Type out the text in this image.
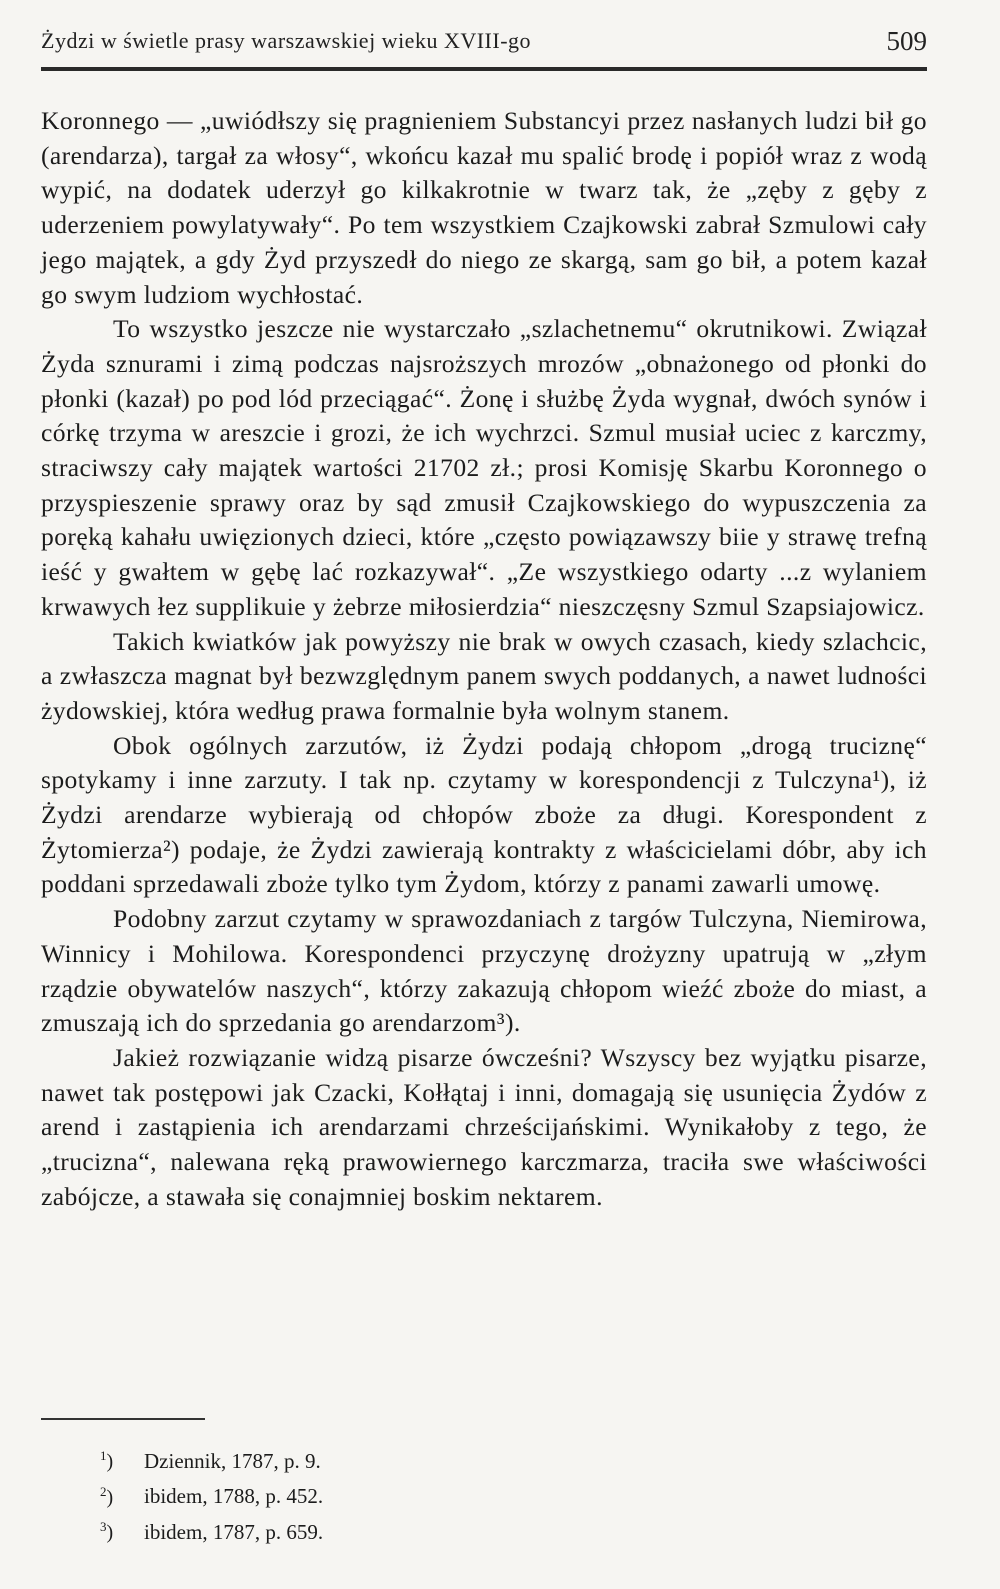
Żydzi w świetle prasy warszawskiej wieku XVIII-go	509

Koronnego — „uwiódłszy się pragnieniem Substancyi przez nasłanych ludzi bił go (arendarza), targał za włosy“, wkońcu kazał mu spalić brodę i popiół wraz z wodą wypić, na dodatek uderzył go kilkakrotnie w twarz tak, że „zęby z gęby z uderzeniem powylatywały“. Po tem wszystkiem Czajkowski zabrał Szmulowi cały jego majątek, a gdy Żyd przyszedł do niego ze skargą, sam go bił, a potem kazał go swym ludziom wychłostać.

To wszystko jeszcze nie wystarczało „szlachetnemu“ okrutnikowi. Związał Żyda sznurami i zimą podczas najsroższych mrozów „obnażonego od płonki do płonki (kazał) po pod lód przeciągać“. Żonę i służbę Żyda wygnał, dwóch synów i córkę trzyma w areszcie i grozi, że ich wychrzci. Szmul musiał uciec z karczmy, straciwszy cały majątek wartości 21702 zł.; prosi Komisję Skarbu Koronnego o przyspieszenie sprawy oraz by sąd zmusił Czajkowskiego do wypuszczenia za poręką kahału uwięzionych dzieci, które „często powiązawszy biie y strawę trefną ieść y gwałtem w gębę lać rozkazywał“. „Ze wszystkiego odarty ...z wylaniem krwawych łez supplikuie y żebrze miłosierdzia“ nieszczęsny Szmul Szapsiajowicz.

Takich kwiatków jak powyższy nie brak w owych czasach, kiedy szlachcic, a zwłaszcza magnat był bezwzględnym panem swych poddanych, a nawet ludności żydowskiej, która według prawa formalnie była wolnym stanem.

Obok ogólnych zarzutów, iż Żydzi podają chłopom „drogą truciznę“ spotykamy i inne zarzuty. I tak np. czytamy w korespondencji z Tulczyna¹), iż Żydzi arendarze wybierają od chłopów zboże za długi. Korespondent z Żytomierza²) podaje, że Żydzi zawierają kontrakty z właścicielami dóbr, aby ich poddani sprzedawali zboże tylko tym Żydom, którzy z panami zawarli umowę.

Podobny zarzut czytamy w sprawozdaniach z targów Tulczyna, Niemirowa, Winnicy i Mohilowa. Korespondenci przyczynę drożyzny upatrują w „złym rządzie obywatelów naszych“, którzy zakazują chłopom wieźć zboże do miast, a zmuszają ich do sprzedania go arendarzom³).

Jakież rozwiązanie widzą pisarze ówcześni? Wszyscy bez wyjątku pisarze, nawet tak postępowi jak Czacki, Kołłątaj i inni, domagają się usunięcia Żydów z arend i zastąpienia ich arendarzami chrześcijańskimi. Wynikałoby z tego, że „trucizna“, nalewana ręką prawowiernego karczmarza, traciła swe właściwości zabójcze, a stawała się conajmniej boskim nektarem.

$^1$)	Dziennik, 1787, p. 9.

$^2$)	ibidem, 1788, p. 452.

$^3$)	ibidem, 1787, p. 659.
